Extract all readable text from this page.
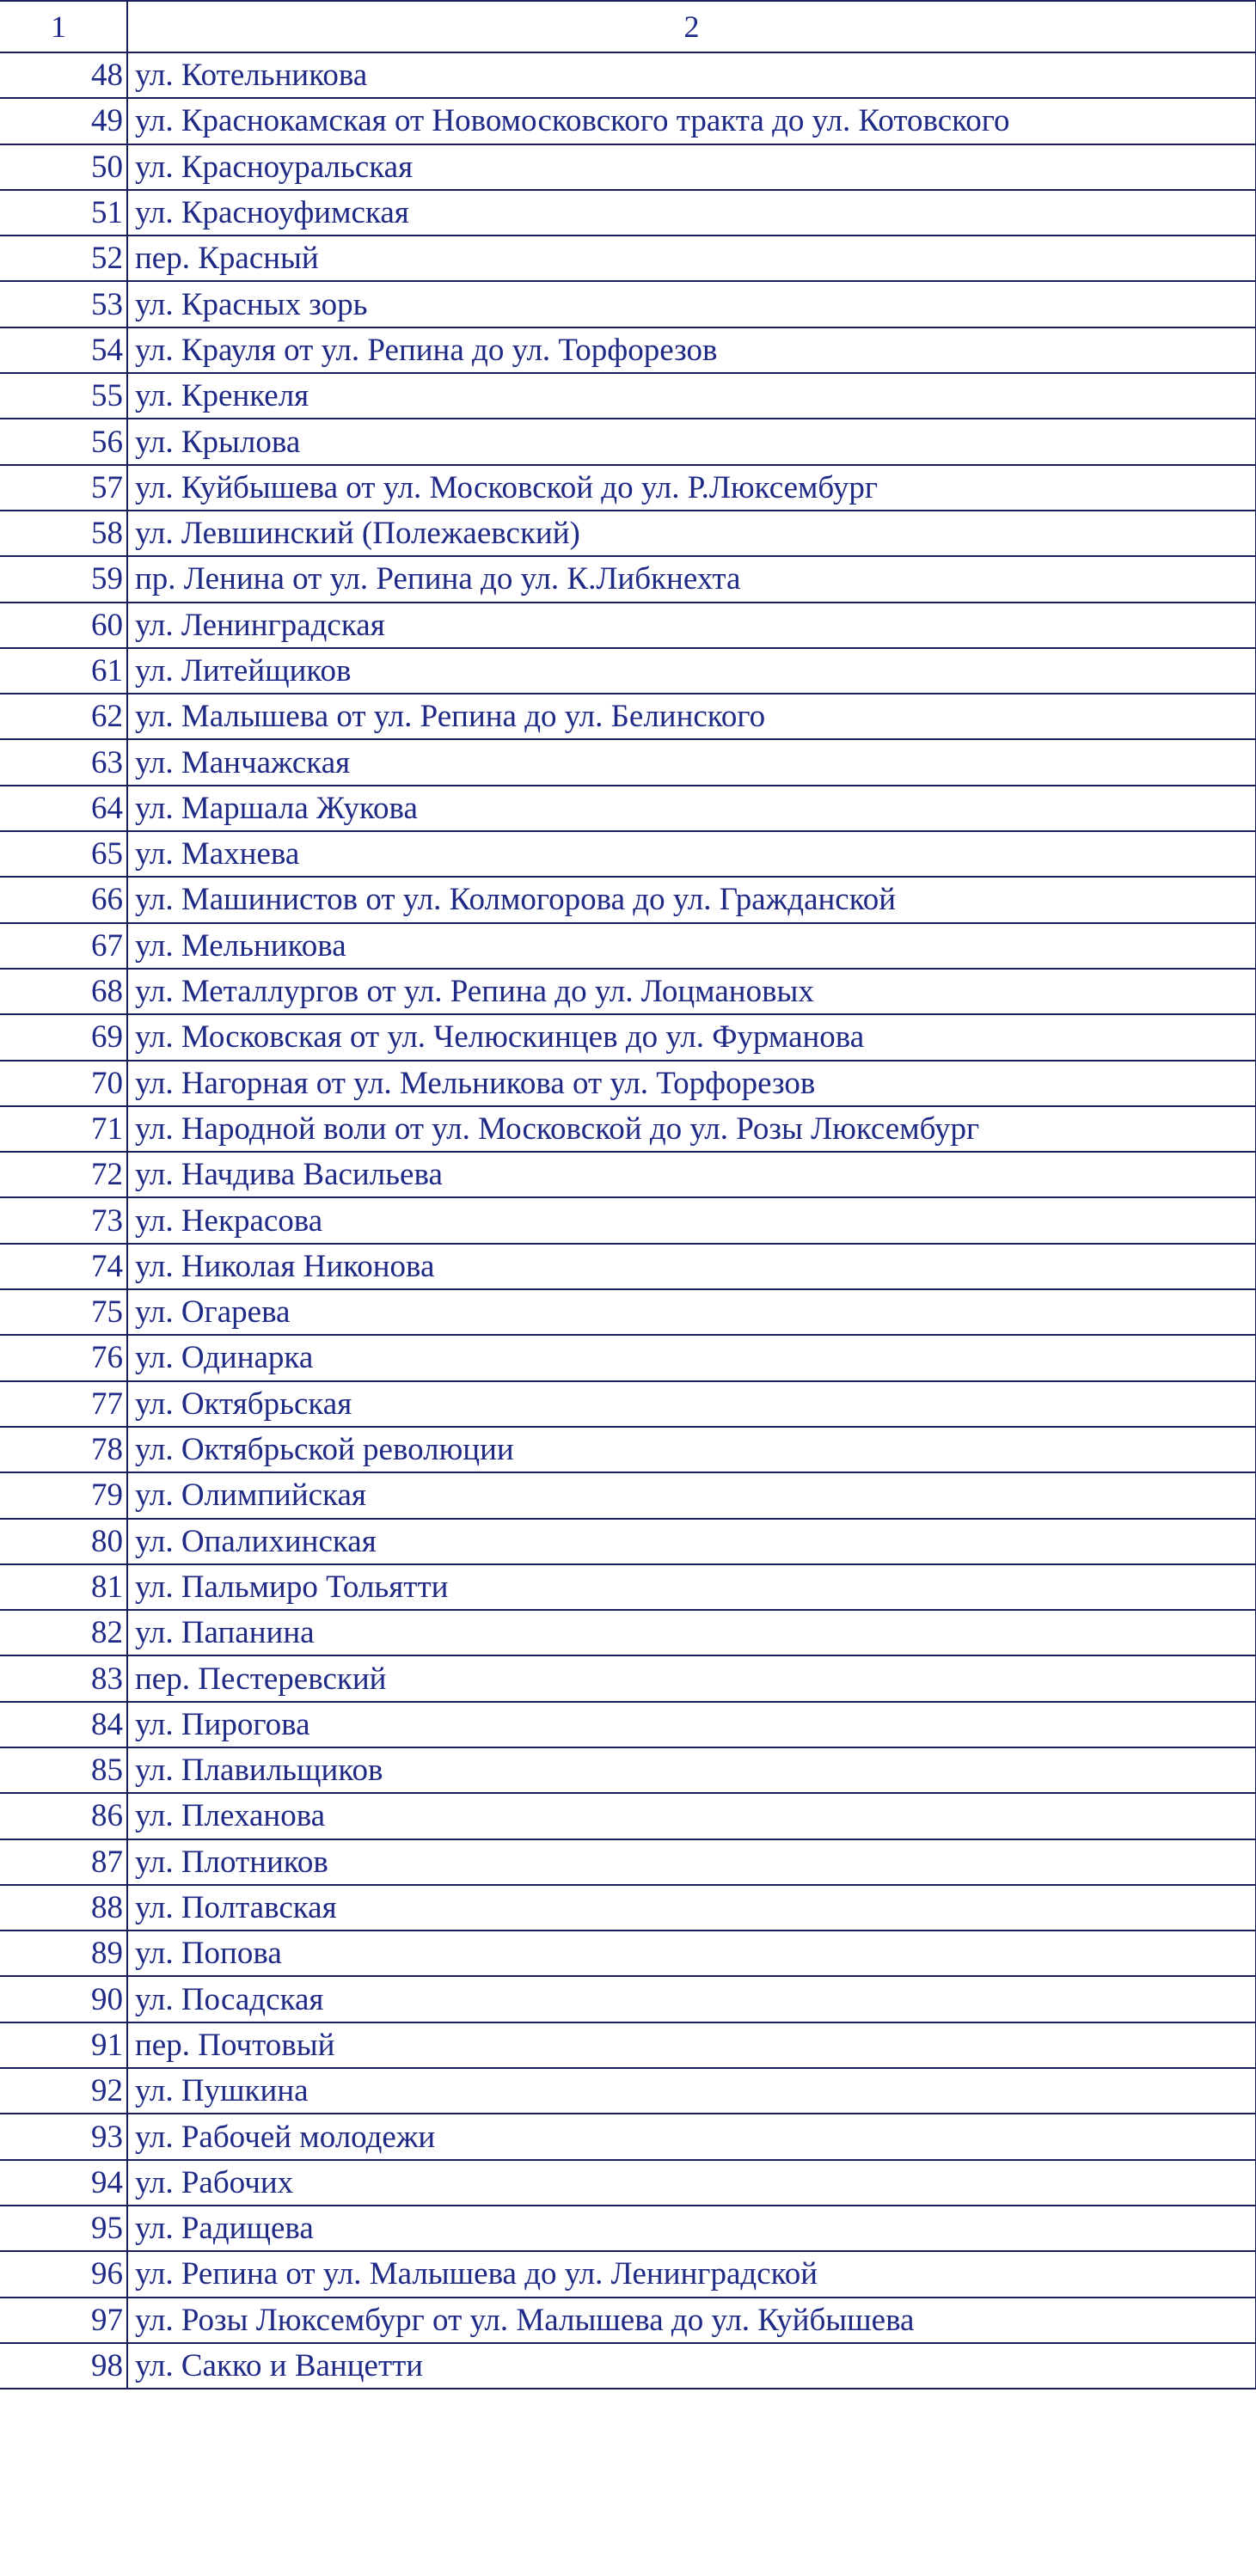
1	2
48	ул. Котельникова
49	ул. Краснокамская от Новомосковского тракта до ул. Котовского
50	ул. Красноуральская
51	ул. Красноуфимская
52	пер. Красный
53	ул. Красных зорь
54	ул. Крауля от ул. Репина до ул. Торфорезов
55	ул. Кренкеля
56	ул. Крылова
57	ул. Куйбышева от ул. Московской до ул. Р.Люксембург
58	ул. Левшинский (Полежаевский)
59	пр. Ленина от ул. Репина до ул. К.Либкнехта
60	ул. Ленинградская
61	ул. Литейщиков
62	ул. Малышева от ул. Репина до ул. Белинского
63	ул. Манчажская
64	ул. Маршала Жукова
65	ул. Махнева
66	ул. Машинистов от ул. Колмогорова до ул. Гражданской
67	ул. Мельникова
68	ул. Металлургов от ул. Репина до ул. Лоцмановых
69	ул. Московская от ул. Челюскинцев до ул. Фурманова
70	ул. Нагорная от ул. Мельникова от ул. Торфорезов
71	ул. Народной воли от ул. Московской до ул. Розы Люксембург
72	ул. Начдива Васильева
73	ул. Некрасова
74	ул. Николая Никонова
75	ул. Огарева
76	ул. Одинарка
77	ул. Октябрьская
78	ул. Октябрьской революции
79	ул. Олимпийская
80	ул. Опалихинская
81	ул. Пальмиро Тольятти
82	ул. Папанина
83	пер. Пестеревский
84	ул. Пирогова
85	ул. Плавильщиков
86	ул. Плеханова
87	ул. Плотников
88	ул. Полтавская
89	ул. Попова
90	ул. Посадская
91	пер. Почтовый
92	ул. Пушкина
93	ул. Рабочей молодежи
94	ул. Рабочих
95	ул. Радищева
96	ул. Репина от ул. Малышева до ул. Ленинградской
97	ул. Розы Люксембург от ул. Малышева до ул. Куйбышева
98	ул. Сакко и Ванцетти
